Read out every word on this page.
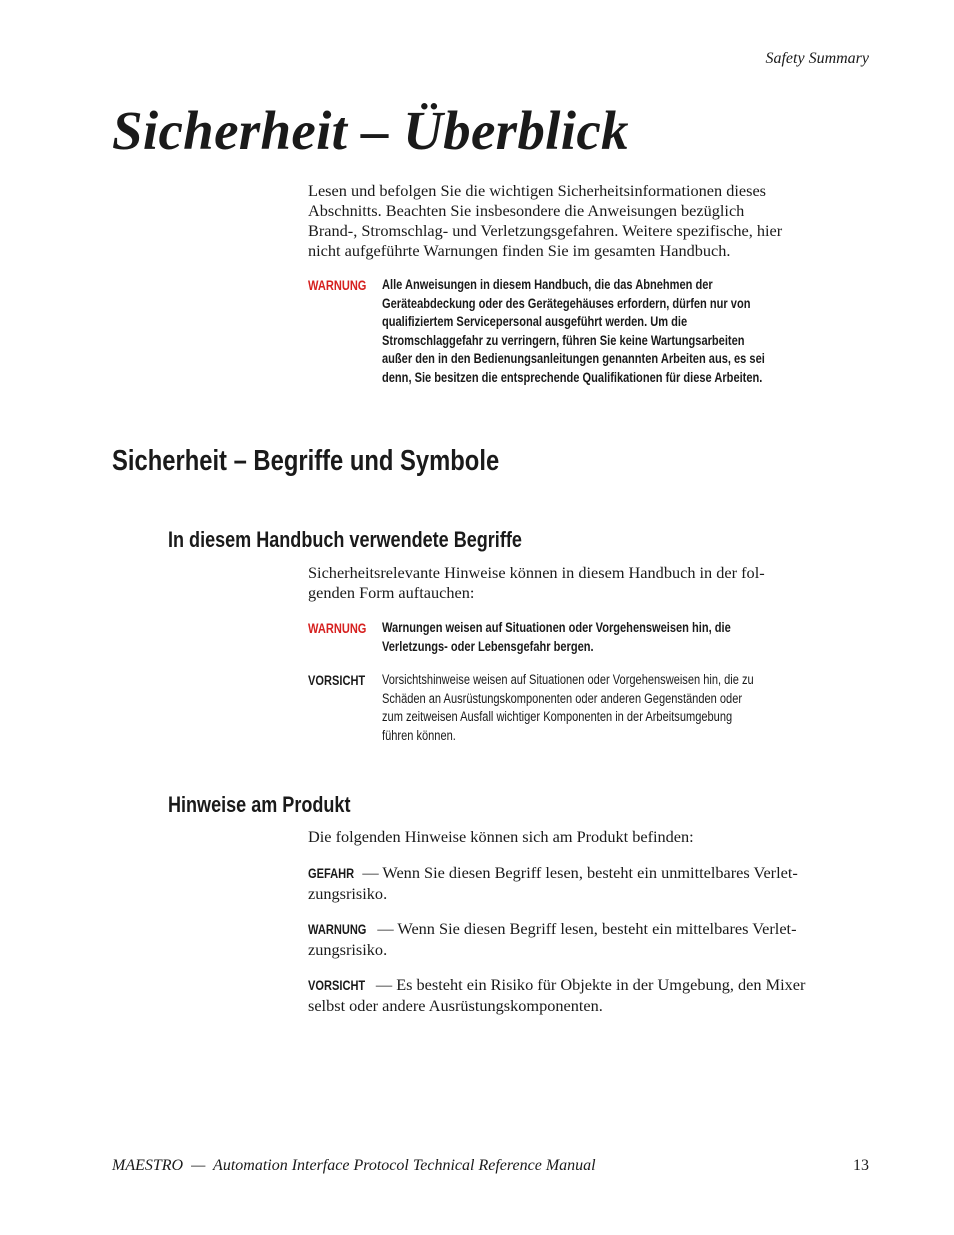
Safety Summary
Sicherheit – Überblick
Lesen und befolgen Sie die wichtigen Sicherheitsinformationen dieses
Abschnitts. Beachten Sie insbesondere die Anweisungen bezüglich
Brand-, Stromschlag- und Verletzungsgefahren. Weitere spezifische, hier
nicht aufgeführte Warnungen finden Sie im gesamten Handbuch.
WARNUNG Alle Anweisungen in diesem Handbuch, die das Abnehmen der
Geräteabdeckung oder des Gerätegehäuses erfordern, dürfen nur von
qualifiziertem Servicepersonal ausgeführt werden. Um die
Stromschlaggefahr zu verringern, führen Sie keine Wartungsarbeiten
außer den in den Bedienungsanleitungen genannten Arbeiten aus, es sei
denn, Sie besitzen die entsprechende Qualifikationen für diese Arbeiten.
Sicherheit – Begriffe und Symbole
In diesem Handbuch verwendete Begriffe
Sicherheitsrelevante Hinweise können in diesem Handbuch in der fol-
genden Form auftauchen:
WARNUNG Warnungen weisen auf Situationen oder Vorgehensweisen hin, die
Verletzungs- oder Lebensgefahr bergen.
VORSICHT Vorsichtshinweise weisen auf Situationen oder Vorgehensweisen hin, die zu
Schäden an Ausrüstungskomponenten oder anderen Gegenständen oder
zum zeitweisen Ausfall wichtiger Komponenten in der Arbeitsumgebung
führen können.
Hinweise am Produkt
Die folgenden Hinweise können sich am Produkt befinden:
GEFAHR — Wenn Sie diesen Begriff lesen, besteht ein unmittelbares Verlet-
zungsrisiko.
WARNUNG — Wenn Sie diesen Begriff lesen, besteht ein mittelbares Verlet-
zungsrisiko.
VORSICHT — Es besteht ein Risiko für Objekte in der Umgebung, den Mixer
selbst oder andere Ausrüstungskomponenten.
MAESTRO  —  Automation Interface Protocol Technical Reference Manual	13
